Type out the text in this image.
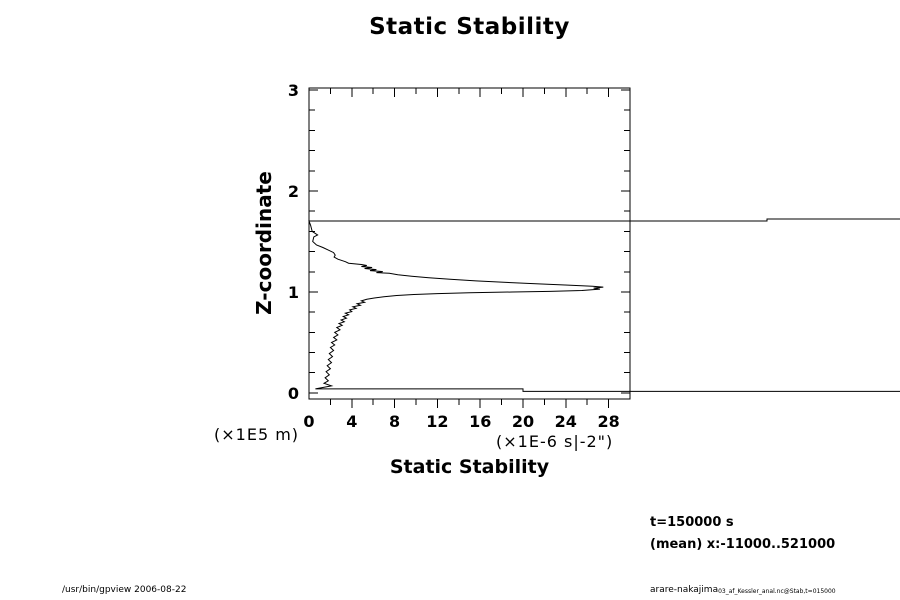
Static Stability
0 4 8 12 16 20 24 28
0
1
2
3
Z-coordinate
(×1E5 m)	(×1E-6 s|-2")
Static Stability
t=150000 s
(mean) x:-11000..521000
/usr/bin/gpview 2006-08-22	arare-nakajima03_af_Kessler_anal.nc@Stab,t=015000
